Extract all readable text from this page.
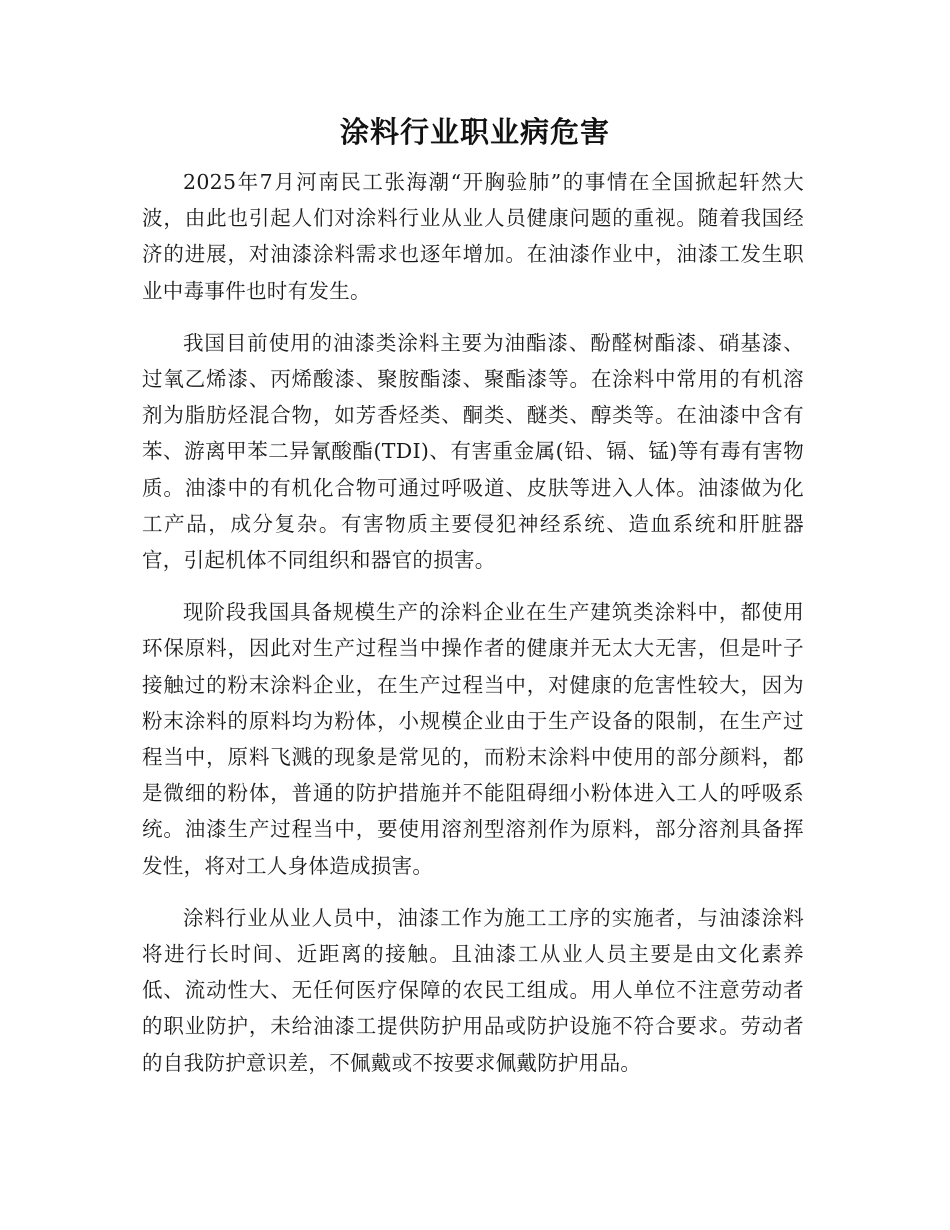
涂料行业职业病危害

2025年7月河南民工张海潮“开胸验肺”的事情在全国掀起轩然大波，由此也引起人们对涂料行业从业人员健康问题的重视。随着我国经济的进展，对油漆涂料需求也逐年增加。在油漆作业中，油漆工发生职业中毒事件也时有发生。

我国目前使用的油漆类涂料主要为油酯漆、酚醛树酯漆、硝基漆、过氧乙烯漆、丙烯酸漆、聚胺酯漆、聚酯漆等。在涂料中常用的有机溶剂为脂肪烃混合物，如芳香烃类、酮类、醚类、醇类等。在油漆中含有苯、游离甲苯二异氰酸酯(TDI)、有害重金属(铅、镉、锰)等有毒有害物质。油漆中的有机化合物可通过呼吸道、皮肤等进入人体。油漆做为化工产品，成分复杂。有害物质主要侵犯神经系统、造血系统和肝脏器官，引起机体不同组织和器官的损害。

现阶段我国具备规模生产的涂料企业在生产建筑类涂料中，都使用环保原料，因此对生产过程当中操作者的健康并无太大无害，但是叶子接触过的粉末涂料企业，在生产过程当中，对健康的危害性较大，因为粉末涂料的原料均为粉体，小规模企业由于生产设备的限制，在生产过程当中，原料飞溅的现象是常见的，而粉末涂料中使用的部分颜料，都是微细的粉体，普通的防护措施并不能阻碍细小粉体进入工人的呼吸系统。油漆生产过程当中，要使用溶剂型溶剂作为原料，部分溶剂具备挥发性，将对工人身体造成损害。

涂料行业从业人员中，油漆工作为施工工序的实施者，与油漆涂料将进行长时间、近距离的接触。且油漆工从业人员主要是由文化素养低、流动性大、无任何医疗保障的农民工组成。用人单位不注意劳动者的职业防护，未给油漆工提供防护用品或防护设施不符合要求。劳动者的自我防护意识差，不佩戴或不按要求佩戴防护用品。
